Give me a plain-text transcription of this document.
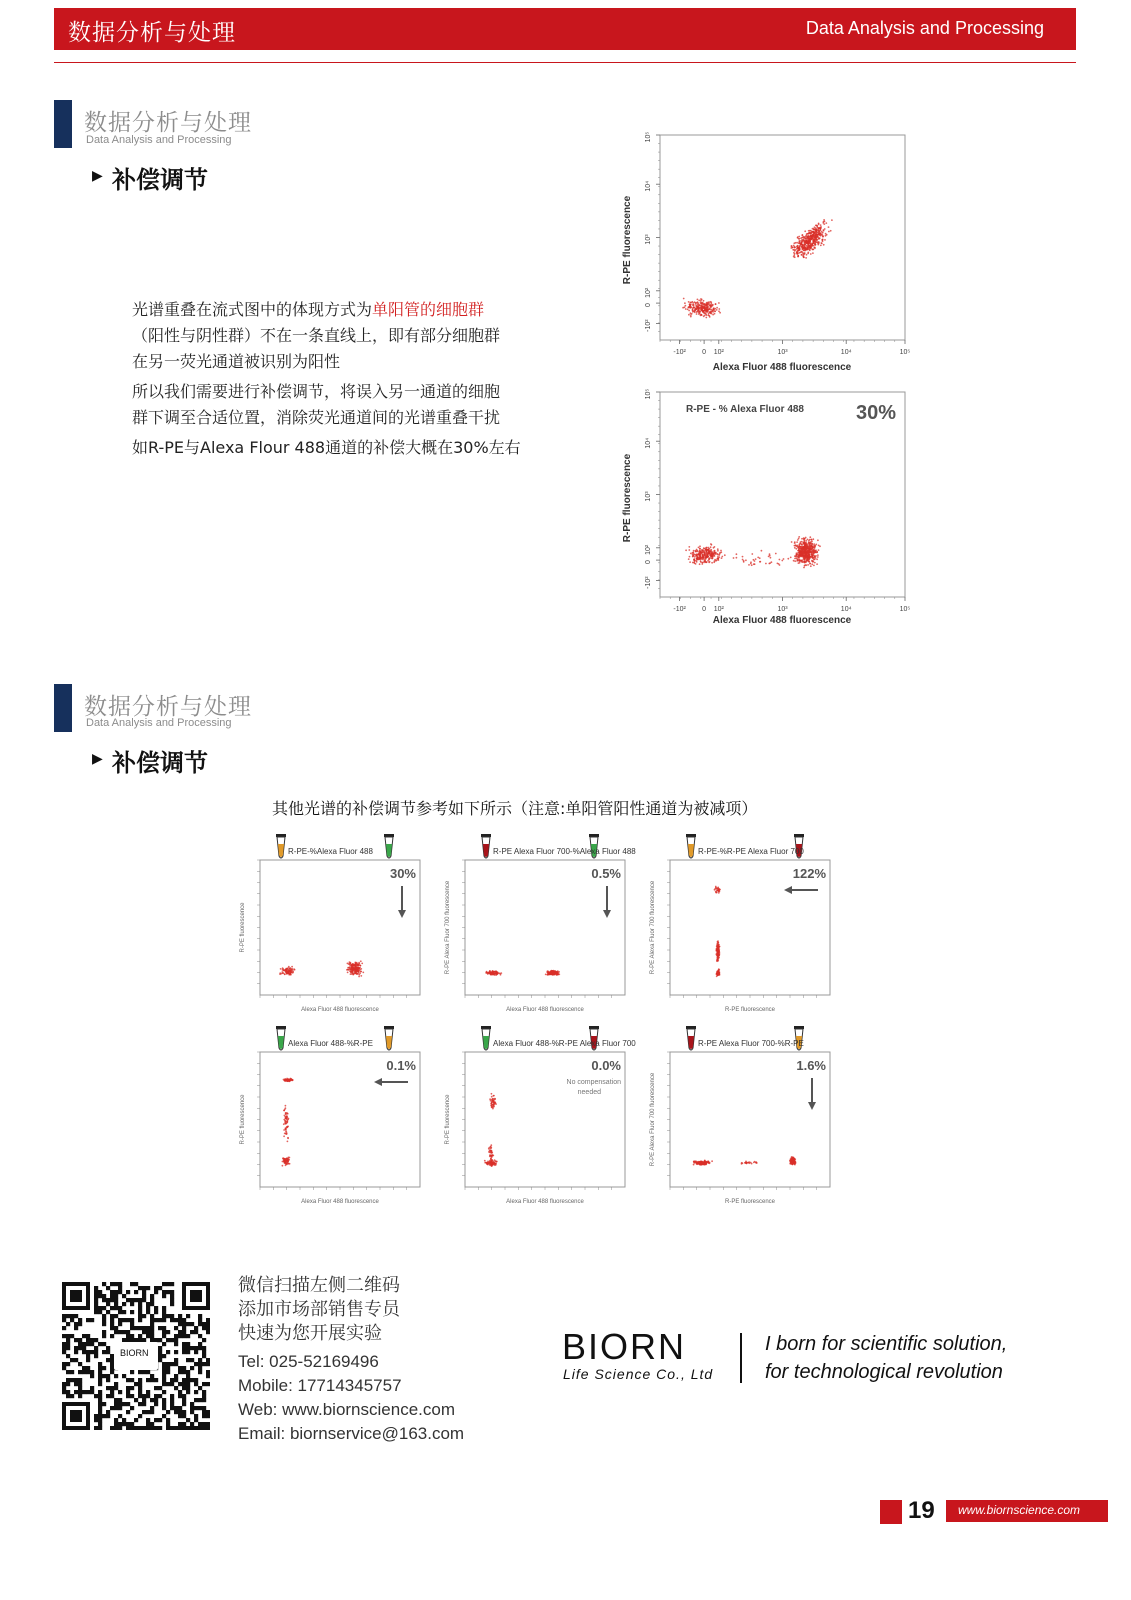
数据分析与处理	Data Analysis and Processing
数据分析与处理
Data Analysis and Processing
▶ 补偿调节
光谱重叠在流式图中的体现方式为单阳管的细胞群
（阳性与阴性群）不在一条直线上，即有部分细胞群
在另一荧光通道被识别为阳性
所以我们需要进行补偿调节，将误入另一通道的细胞
群下调至合适位置，消除荧光通道间的光谱重叠干扰
如R-PE与Alexa Flour 488通道的补偿大概在30%左右
-10²
-10²
0
0
10²
10²
10³
10³
10⁴
10⁴
10⁵
10⁵
R-PE fluorescence
Alexa Fluor 488 fluorescence
-10²
-10²
0
0
10²
10²
10³
10³
10⁴
10⁴
10⁵
10⁵
R-PE fluorescence
Alexa Fluor 488 fluorescence
R-PE - % Alexa Fluor 488	30%
数据分析与处理
Data Analysis and Processing
▶ 补偿调节
其他光谱的补偿调节参考如下所示（注意:单阳管阳性通道为被减项）
R-PE-%Alexa Fluor 488
30%
Alexa Fluor 488 fluorescence
R-PE fluorescence
R-PE Alexa Fluor 700-%Alexa Fluor 488
0.5%
Alexa Fluor 488 fluorescence
R-PE Alexa Fluor 700 fluorescence
R-PE-%R-PE Alexa Fluor 700
122%
R-PE fluorescence
R-PE Alexa Fluor 700 fluorescence
Alexa Fluor 488-%R-PE
0.1%
Alexa Fluor 488 fluorescence
R-PE fluorescence
Alexa Fluor 488-%R-PE Alexa Fluor 700
0.0%
Alexa Fluor 488 fluorescence
R-PE fluorescence
No compensation
needed
R-PE Alexa Fluor 700-%R-PE
1.6%
R-PE fluorescence
R-PE Alexa Fluor 700 fluorescence
BIORN
微信扫描左侧二维码
添加市场部销售专员
快速为您开展实验
Tel: 025-52169496
Mobile: 17714345757
Web: www.biornscience.com
Email: biornservice@163.com
BIORN
Life Science Co., Ltd
I born for scientific solution,
for technological revolution
19 www.biornscience.com
